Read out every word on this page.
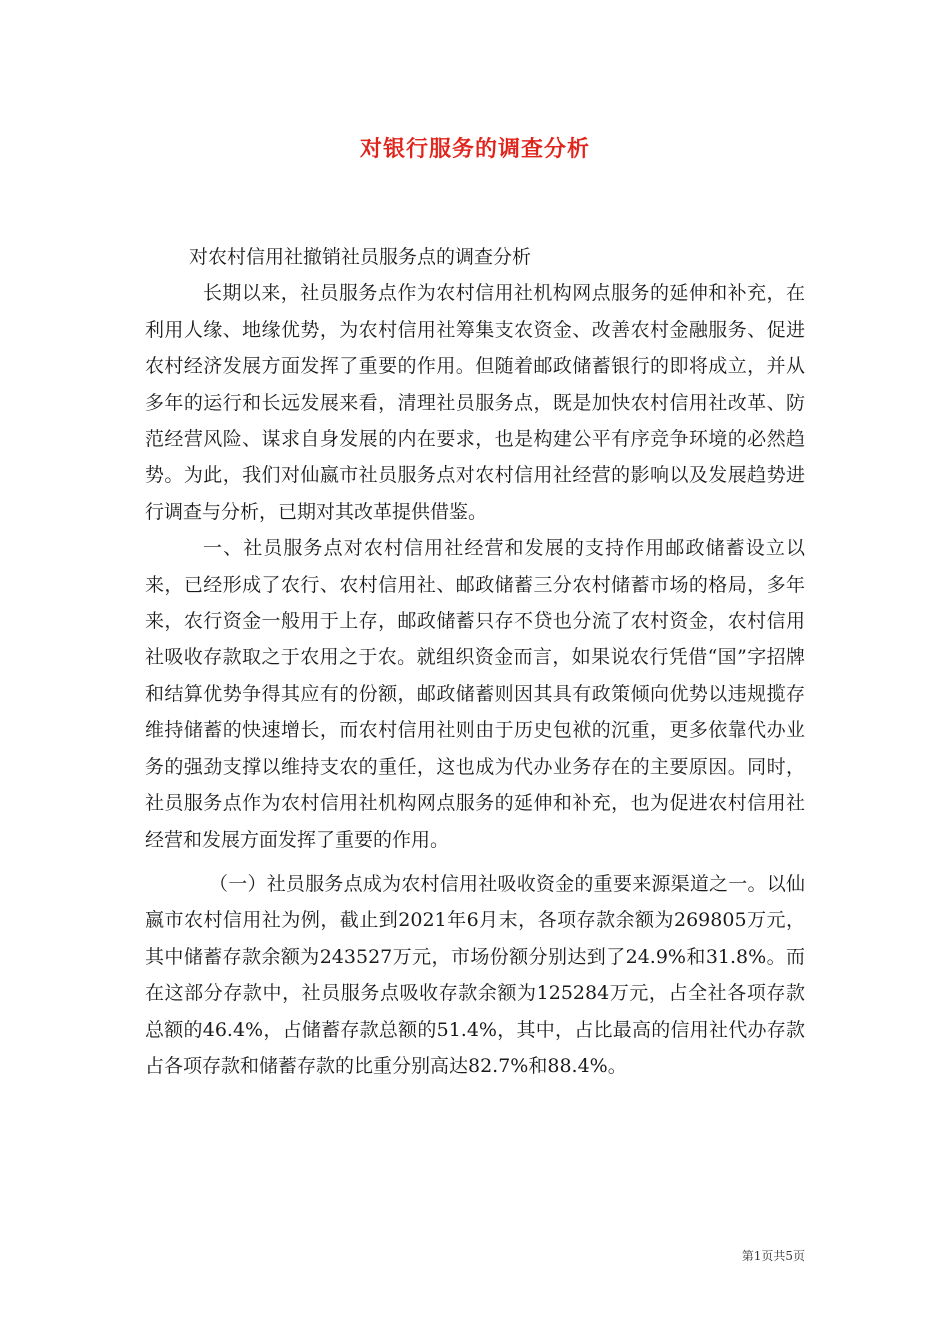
对银行服务的调查分析

对农村信用社撤销社员服务点的调查分析

长期以来，社员服务点作为农村信用社机构网点服务的延伸和补充，在利用人缘、地缘优势，为农村信用社筹集支农资金、改善农村金融服务、促进农村经济发展方面发挥了重要的作用。但随着邮政储蓄银行的即将成立，并从多年的运行和长远发展来看，清理社员服务点，既是加快农村信用社改革、防范经营风险、谋求自身发展的内在要求，也是构建公平有序竞争环境的必然趋势。为此，我们对仙嬴市社员服务点对农村信用社经营的影响以及发展趋势进行调查与分析，已期对其改革提供借鉴。

一、社员服务点对农村信用社经营和发展的支持作用邮政储蓄设立以来，已经形成了农行、农村信用社、邮政储蓄三分农村储蓄市场的格局，多年来，农行资金一般用于上存，邮政储蓄只存不贷也分流了农村资金，农村信用社吸收存款取之于农用之于农。就组织资金而言，如果说农行凭借“国”字招牌和结算优势争得其应有的份额，邮政储蓄则因其具有政策倾向优势以违规揽存维持储蓄的快速增长，而农村信用社则由于历史包袱的沉重，更多依靠代办业务的强劲支撑以维持支农的重任，这也成为代办业务存在的主要原因。同时，社员服务点作为农村信用社机构网点服务的延伸和补充，也为促进农村信用社经营和发展方面发挥了重要的作用。

（一）社员服务点成为农村信用社吸收资金的重要来源渠道之一。以仙嬴市农村信用社为例，截止到2021年6月末，各项存款余额为269805万元，其中储蓄存款余额为243527万元，市场份额分别达到了24.9%和31.8%。而在这部分存款中，社员服务点吸收存款余额为125284万元，占全社各项存款总额的46.4%，占储蓄存款总额的51.4%，其中，占比最高的信用社代办存款占各项存款和储蓄存款的比重分别高达82.7%和88.4%。

第1页共5页
